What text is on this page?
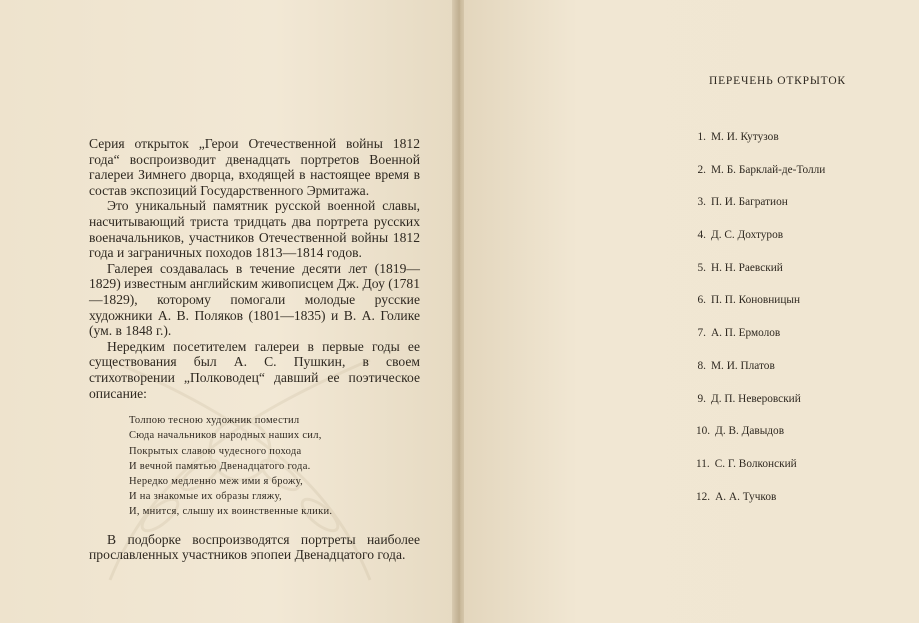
Серия открыток „Герои Отечественной войны 1812 года“ воспроизводит двенадцать портретов Военной галереи Зимнего дворца, входящей в настоящее время в состав экспозиций Государственного Эрмитажа.

Это уникальный памятник русской военной славы, насчитывающий триста тридцать два портрета русских военачальников, участников Отечественной войны 1812 года и заграничных походов 1813—1814 годов.

Галерея создавалась в течение десяти лет (1819—1829) известным английским живописцем Дж. Доу (1781—1829), которому помогали молодые русские художники А. В. Поляков (1801—1835) и В. А. Голике (ум. в 1848 г.).

Нередким посетителем галереи в первые годы ее существования был А. С. Пушкин, в своем стихотворении „Полководец“ давший ее поэтическое описание:

Толпою тесною художник поместил
Сюда начальников народных наших сил,
Покрытых славою чудесного похода
И вечной памятью Двенадцатого года.
Нередко медленно меж ими я брожу,
И на знакомые их образы гляжу,
И, мнится, слышу их воинственные клики.

В подборке воспроизводятся портреты наиболее прославленных участников эпопеи Двенадцатого года.

ПЕРЕЧЕНЬ ОТКРЫТОК
1. М. И. Кутузов
2. М. Б. Барклай-де-Толли
3. П. И. Багратион
4. Д. С. Дохтуров
5. Н. Н. Раевский
6. П. П. Коновницын
7. А. П. Ермолов
8. М. И. Платов
9. Д. П. Неверовский
10. Д. В. Давыдов
11. С. Г. Волконский
12. А. А. Тучков
